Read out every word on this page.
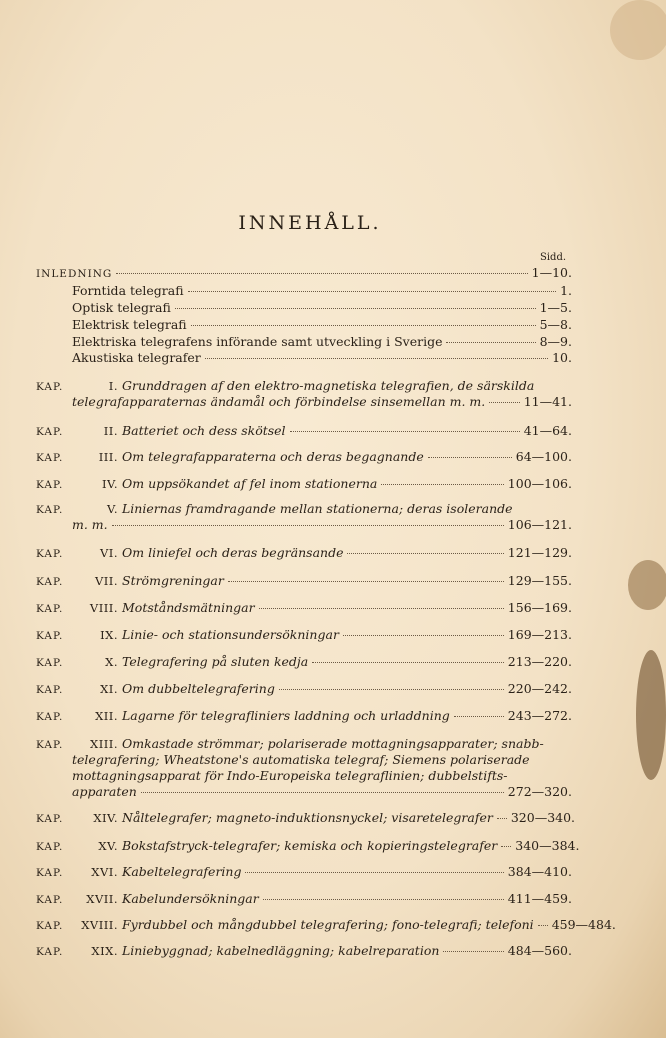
INNEHÅLL.
Sidd.
INLEDNING	1—10.
Forntida telegrafi	1.
Optisk telegrafi	1—5.
Elektrisk telegrafi	5—8.
Elektriska telegrafens införande samt utveckling i Sverige	8—9.
Akustiska telegrafer	10.
KAP.	I. Grunddragen af den elektro-magnetiska telegrafien, de särskilda
telegrafapparaternas ändamål och förbindelse sinsemellan m. m.	11—41.
KAP.	II. Batteriet och dess skötsel	41—64.
KAP.	III. Om telegrafapparaterna och deras begagnande	64—100.
KAP.	IV. Om uppsökandet af fel inom stationerna	100—106.
KAP.	V. Liniernas framdragande mellan stationerna; deras isolerande
m. m.	106—121.
KAP.	VI. Om liniefel och deras begränsande	121—129.
KAP.	VII. Strömgreningar	129—155.
KAP. VIII. Motståndsmätningar	156—169.
KAP.	IX. Linie- och stationsundersökningar	169—213.
KAP.	X. Telegrafering på sluten kedja	213—220.
KAP.	XI. Om dubbeltelegrafering	220—242.
KAP.	XII. Lagarne för telegrafliniers laddning och urladdning	243—272.
KAP. XIII. Omkastade strömmar; polariserade mottagningsapparater; snabb-
telegrafering; Wheatstone's automatiska telegraf; Siemens polariserade
mottagningsapparat för Indo-Europeiska telegraflinien; dubbelstifts-
apparaten	272—320.
KAP.	XIV. Nåltelegrafer; magneto-induktionsnyckel; visaretelegrafer 320—340.
KAP.	XV. Bokstafstryck-telegrafer; kemiska och kopieringstelegrafer 340—384.
KAP. XVI. Kabeltelegrafering	384—410.
KAP. XVII. Kabelundersökningar	411—459.
KAP. XVIII. Fyrdubbel och mångdubbel telegrafering; fono-telegrafi; telefoni 459—484.
KAP. XIX. Liniebyggnad; kabelnedläggning; kabelreparation	484—560.
